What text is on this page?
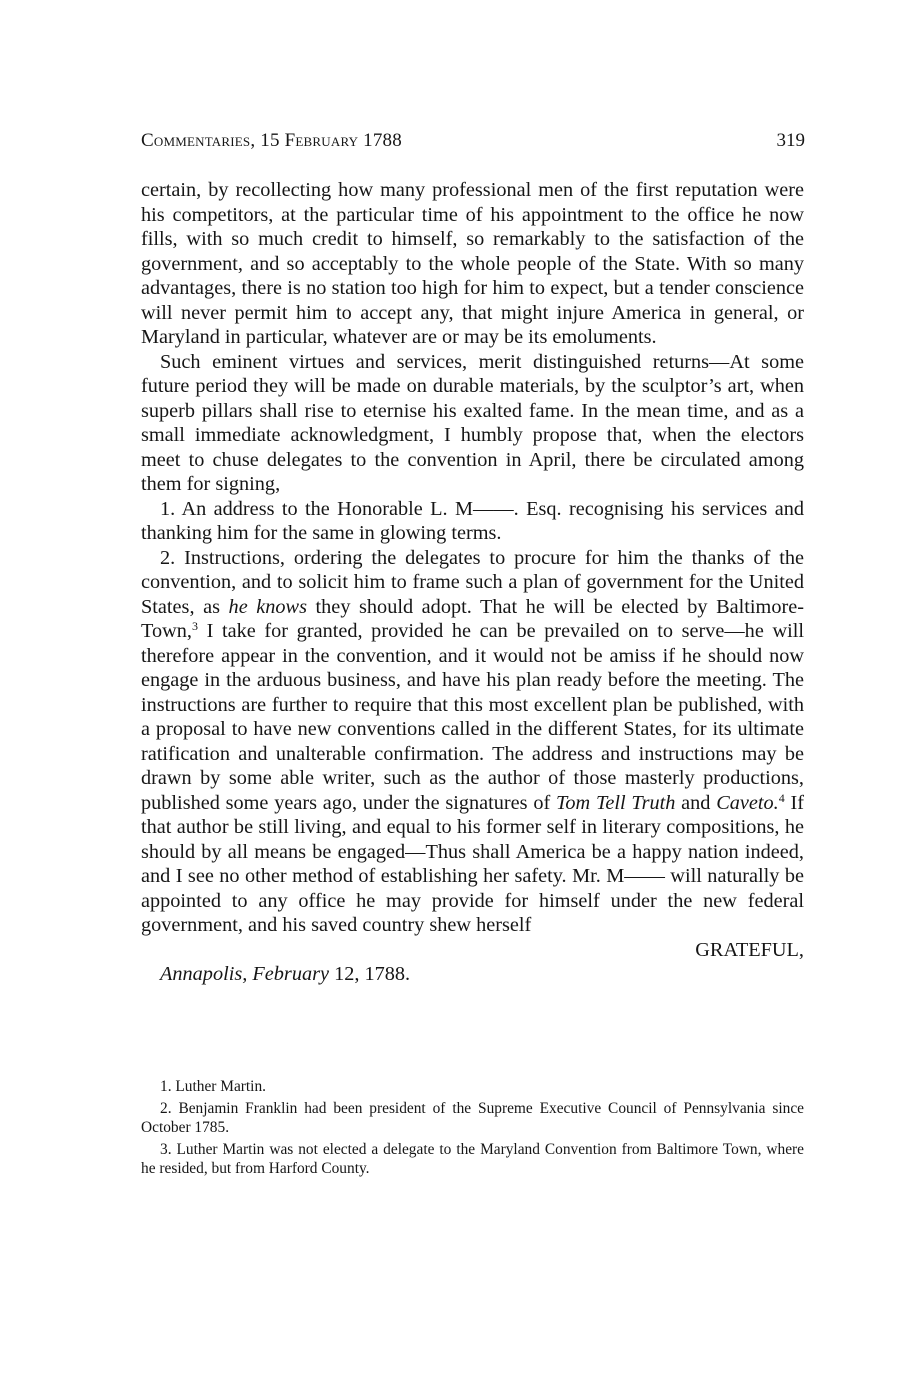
Commentaries, 15 February 1788	319

certain, by recollecting how many professional men of the first reputation were his competitors, at the particular time of his appointment to the office he now fills, with so much credit to himself, so remarkably to the satisfaction of the government, and so acceptably to the whole people of the State. With so many advantages, there is no station too high for him to expect, but a tender conscience will never permit him to accept any, that might injure America in general, or Maryland in particular, whatever are or may be its emoluments.

Such eminent virtues and services, merit distinguished returns—At some future period they will be made on durable materials, by the sculptor’s art, when superb pillars shall rise to eternise his exalted fame. In the mean time, and as a small immediate acknowledgment, I humbly propose that, when the electors meet to chuse delegates to the convention in April, there be circulated among them for signing,

1. An address to the Honorable L. M——. Esq. recognising his services and thanking him for the same in glowing terms.

2. Instructions, ordering the delegates to procure for him the thanks of the convention, and to solicit him to frame such a plan of government for the United States, as he knows they should adopt. That he will be elected by Baltimore-Town,$^3$ I take for granted, provided he can be prevailed on to serve—he will therefore appear in the convention, and it would not be amiss if he should now engage in the arduous business, and have his plan ready before the meeting. The instructions are further to require that this most excellent plan be published, with a proposal to have new conventions called in the different States, for its ultimate ratification and unalterable confirmation. The address and instructions may be drawn by some able writer, such as the author of those masterly productions, published some years ago, under the signatures of Tom Tell Truth and Caveto.$^4$ If that author be still living, and equal to his former self in literary compositions, he should by all means be engaged—Thus shall America be a happy nation indeed, and I see no other method of establishing her safety. Mr. M—— will naturally be appointed to any office he may provide for himself under the new federal government, and his saved country shew herself

GRATEFUL,

Annapolis, February 12, 1788.

1. Luther Martin.

2. Benjamin Franklin had been president of the Supreme Executive Council of Pennsylvania since October 1785.

3. Luther Martin was not elected a delegate to the Maryland Convention from Baltimore Town, where he resided, but from Harford County.
